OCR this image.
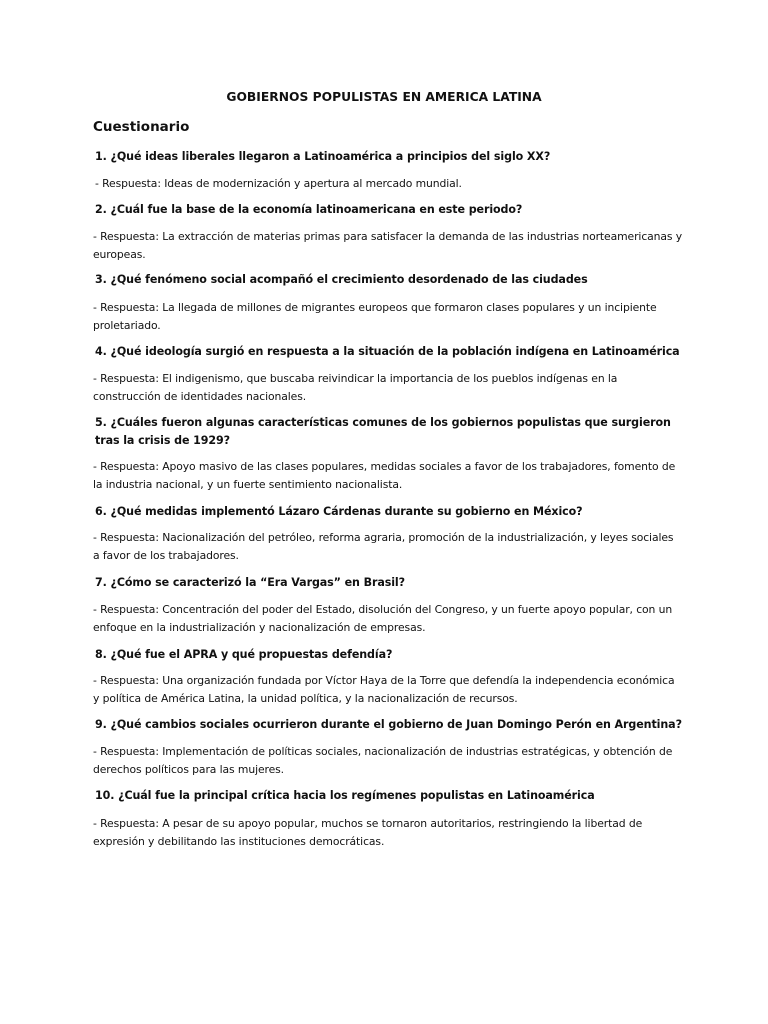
GOBIERNOS POPULISTAS EN AMERICA LATINA
Cuestionario
1. ¿Qué ideas liberales llegaron a Latinoamérica a principios del siglo XX?
- Respuesta: Ideas de modernización y apertura al mercado mundial.
2. ¿Cuál fue la base de la economía latinoamericana en este periodo?
- Respuesta: La extracción de materias primas para satisfacer la demanda de las industrias norteamericanas y europeas.
3. ¿Qué fenómeno social acompañó el crecimiento desordenado de las ciudades
- Respuesta: La llegada de millones de migrantes europeos que formaron clases populares y un incipiente proletariado.
4. ¿Qué ideología surgió en respuesta a la situación de la población indígena en Latinoamérica
- Respuesta: El indigenismo, que buscaba reivindicar la importancia de los pueblos indígenas en la construcción de identidades nacionales.
5. ¿Cuáles fueron algunas características comunes de los gobiernos populistas que surgieron tras la crisis de 1929?
- Respuesta: Apoyo masivo de las clases populares, medidas sociales a favor de los trabajadores, fomento de la industria nacional, y un fuerte sentimiento nacionalista.
6. ¿Qué medidas implementó Lázaro Cárdenas durante su gobierno en México?
- Respuesta: Nacionalización del petróleo, reforma agraria, promoción de la industrialización, y leyes sociales a favor de los trabajadores.
7. ¿Cómo se caracterizó la “Era Vargas” en Brasil?
- Respuesta: Concentración del poder del Estado, disolución del Congreso, y un fuerte apoyo popular, con un enfoque en la industrialización y nacionalización de empresas.
8. ¿Qué fue el APRA y qué propuestas defendía?
- Respuesta: Una organización fundada por Víctor Haya de la Torre que defendía la independencia económica y política de América Latina, la unidad política, y la nacionalización de recursos.
9. ¿Qué cambios sociales ocurrieron durante el gobierno de Juan Domingo Perón en Argentina?
- Respuesta: Implementación de políticas sociales, nacionalización de industrias estratégicas, y obtención de derechos políticos para las mujeres.
10. ¿Cuál fue la principal crítica hacia los regímenes populistas en Latinoamérica
- Respuesta: A pesar de su apoyo popular, muchos se tornaron autoritarios, restringiendo la libertad de expresión y debilitando las instituciones democráticas.
